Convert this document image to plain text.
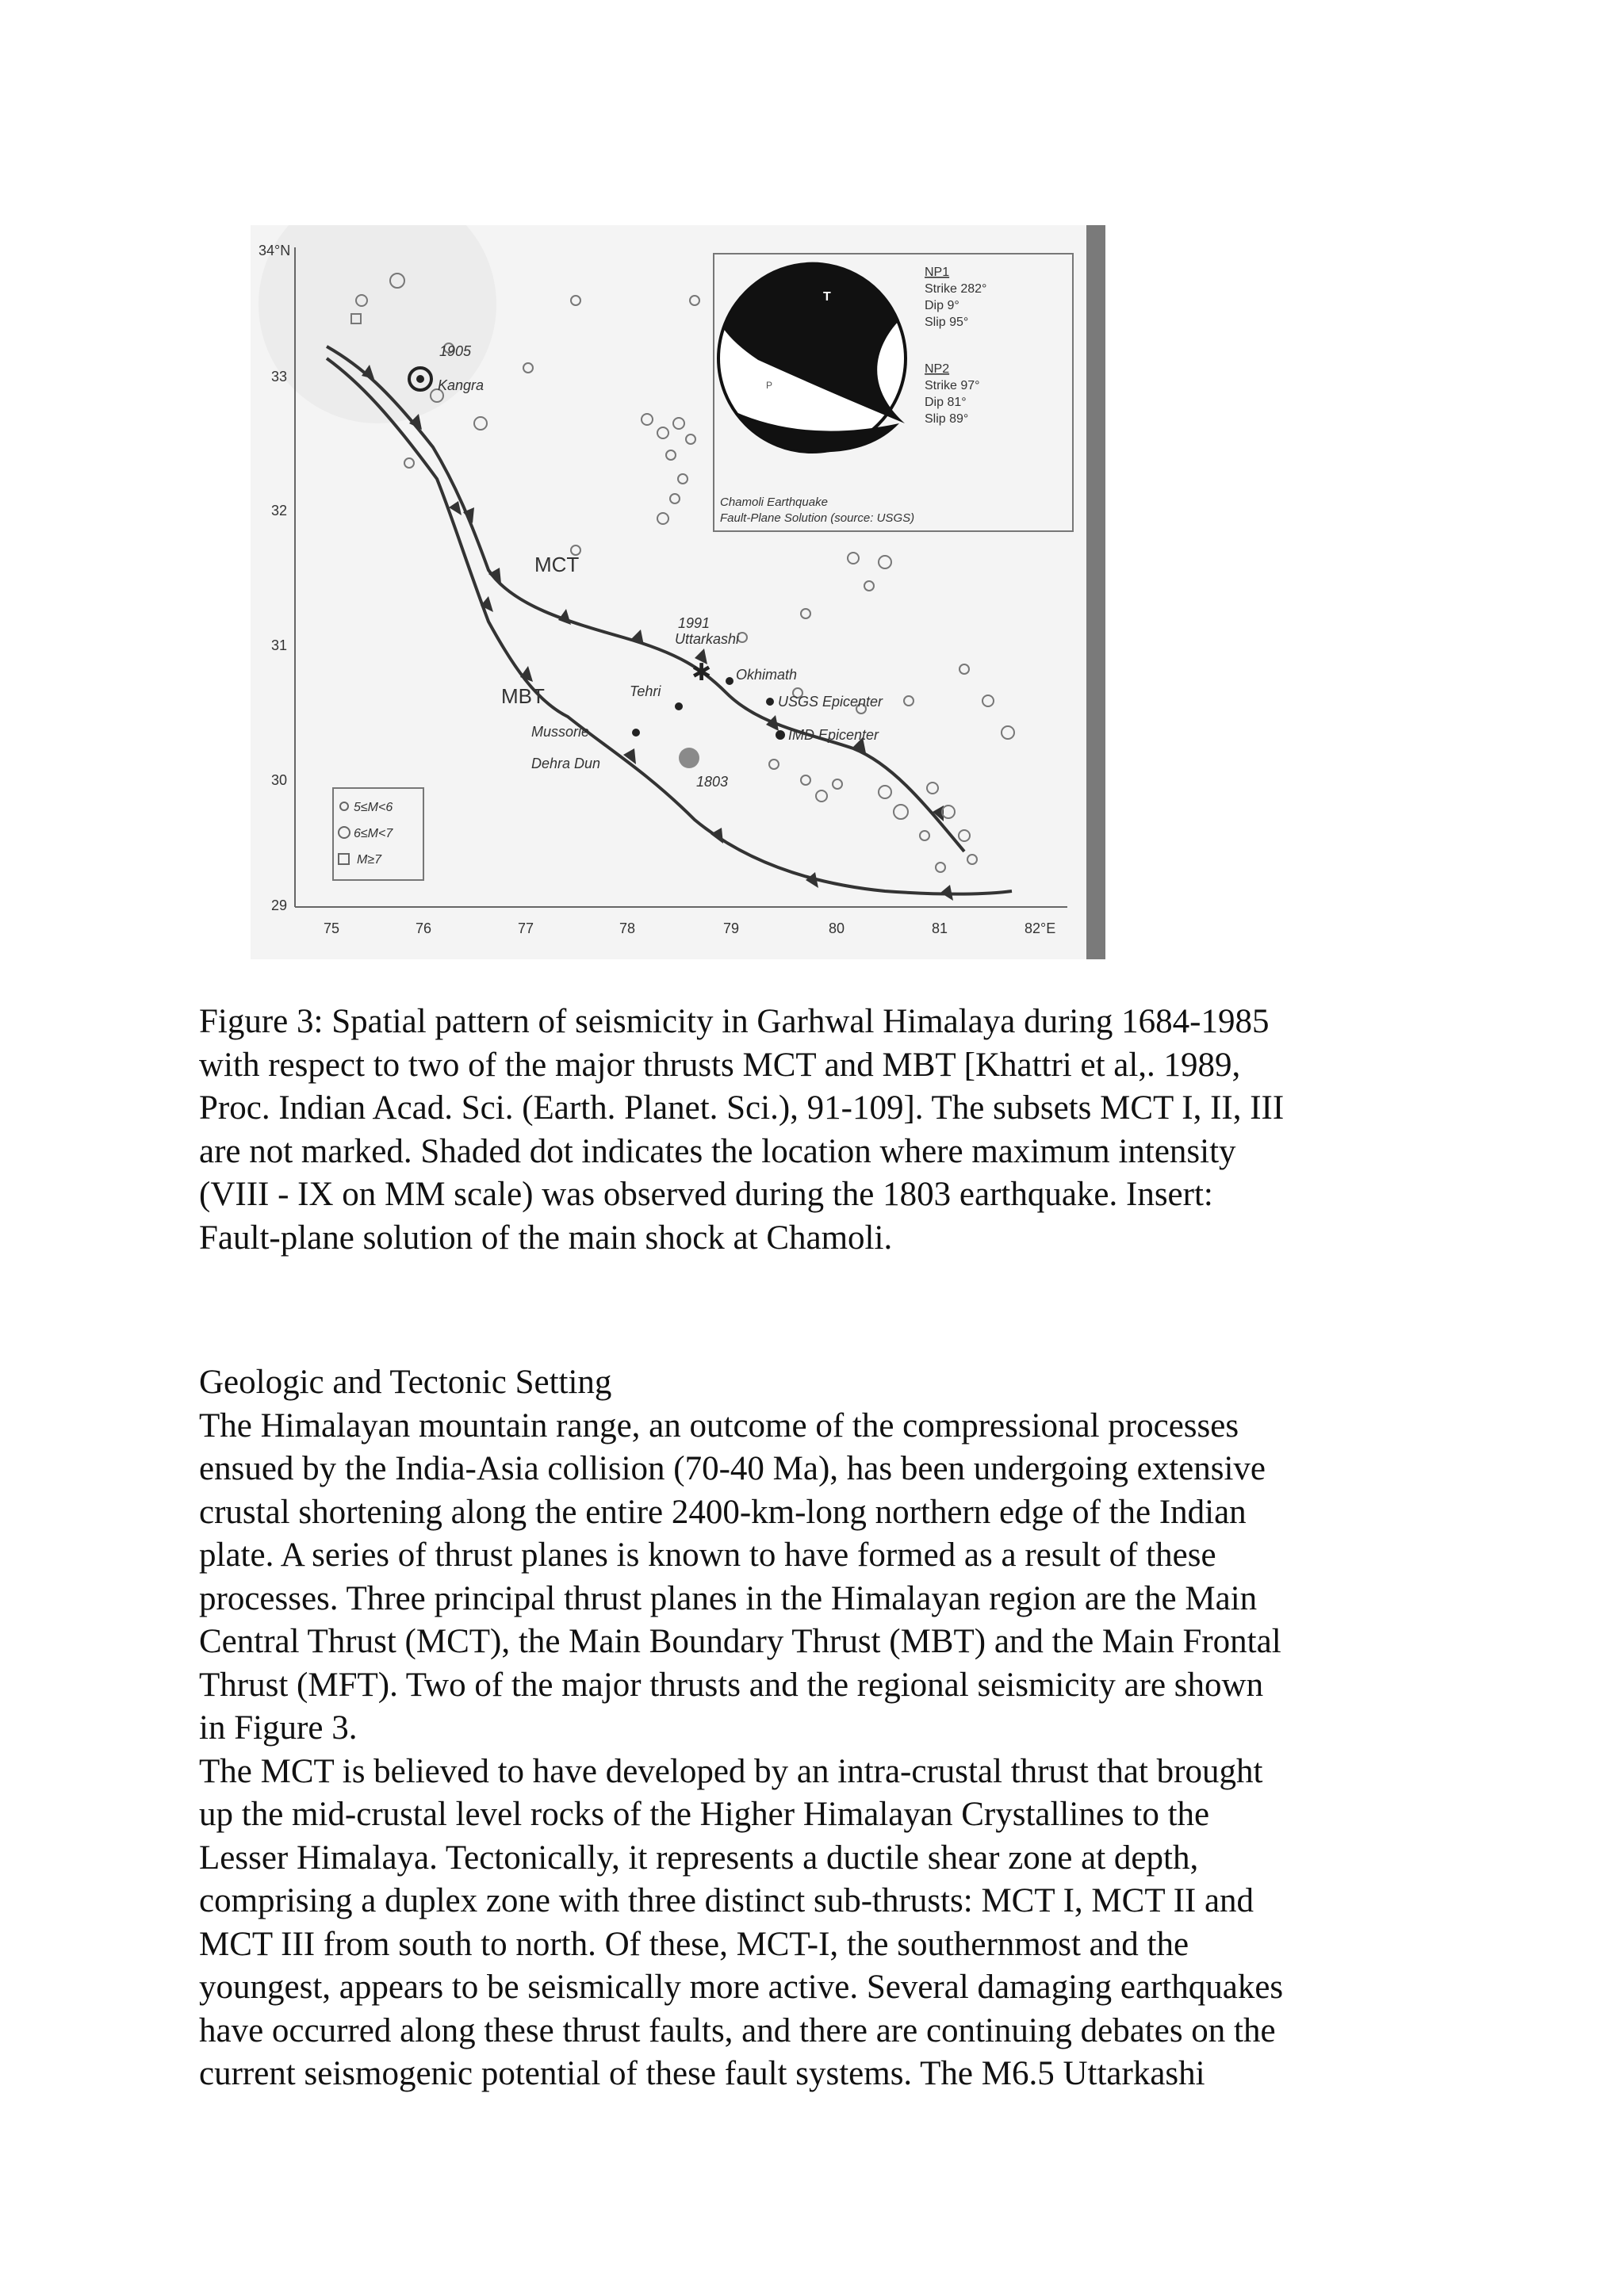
34°N
33
32
31
30
29
75	76	77	78	79	80	81	82°E
1905
Kangra
MCT
MBT
1991
Uttarkashi
✱ Okhimath
USGS Epicenter
IMD Epicenter
Tehri
Mussorie
Dehra Dun
1803
5≤M<6
6≤M<7
M≥7
T
P
NP1
Strike 282°
Dip 9°
Slip 95°
NP2
Strike 97°
Dip 81°
Slip 89°
Chamoli Earthquake
Fault-Plane Solution (source: USGS)
Figure 3: Spatial pattern of seismicity in Garhwal Himalaya during 1684-1985
with respect to two of the major thrusts MCT and MBT [Khattri et al,. 1989,
Proc. Indian Acad. Sci. (Earth. Planet. Sci.), 91-109]. The subsets MCT I, II, III
are not marked. Shaded dot indicates the location where maximum intensity
(VIII - IX on MM scale) was observed during the 1803 earthquake. Insert:
Fault-plane solution of the main shock at Chamoli.
Geologic and Tectonic Setting
The Himalayan mountain range, an outcome of the compressional processes
ensued by the India-Asia collision (70-40 Ma), has been undergoing extensive
crustal shortening along the entire 2400-km-long northern edge of the Indian
plate. A series of thrust planes is known to have formed as a result of these
processes. Three principal thrust planes in the Himalayan region are the Main
Central Thrust (MCT), the Main Boundary Thrust (MBT) and the Main Frontal
Thrust (MFT). Two of the major thrusts and the regional seismicity are shown
in Figure 3.
The MCT is believed to have developed by an intra-crustal thrust that brought
up the mid-crustal level rocks of the Higher Himalayan Crystallines to the
Lesser Himalaya. Tectonically, it represents a ductile shear zone at depth,
comprising a duplex zone with three distinct sub-thrusts: MCT I, MCT II and
MCT III from south to north. Of these, MCT-I, the southernmost and the
youngest, appears to be seismically more active. Several damaging earthquakes
have occurred along these thrust faults, and there are continuing debates on the
current seismogenic potential of these fault systems. The M6.5 Uttarkashi
